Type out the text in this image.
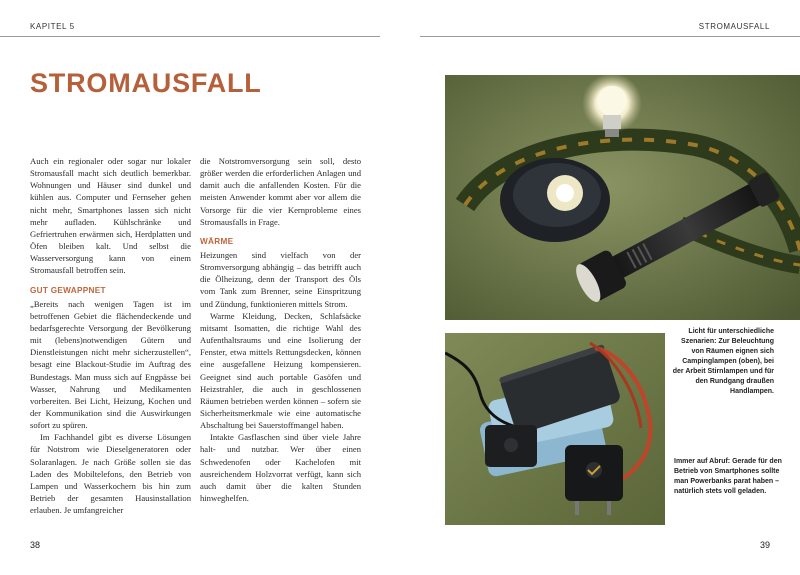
KAPITEL 5	STROMAUSFALL
STROMAUSFALL

Auch ein regionaler oder sogar nur lokaler Stromausfall macht sich deutlich bemerkbar. Wohnungen und Häuser sind dunkel und kühlen aus. Computer und Fernseher gehen nicht mehr, Smartphones lassen sich nicht mehr aufladen. Kühlschränke und Gefriertruhen erwärmen sich, Herdplatten und Öfen bleiben kalt. Und selbst die Wasserversorgung kann von einem Stromausfall betroffen sein.

GUT GEWAPPNET

„Bereits nach wenigen Tagen ist im betroffenen Gebiet die flächendeckende und bedarfsgerechte Versorgung der Bevölkerung mit (lebens)notwendigen Gütern und Dienstleistungen nicht mehr sicherzustellen“, besagt eine Blackout-Studie im Auftrag des Bundestags. Man muss sich auf Engpässe bei Wasser, Nahrung und Medikamenten vorbereiten. Bei Licht, Heizung, Kochen und der Kommunikation sind die Auswirkungen sofort zu spüren.

Im Fachhandel gibt es diverse Lösungen für Notstrom wie Dieselgeneratoren oder Solaranlagen. Je nach Größe sollen sie das Laden des Mobiltelefons, den Betrieb von Lampen und Wasserkochern bis hin zum Betrieb der gesamten Hausinstallation erlauben. Je umfangreicher

die Notstromversorgung sein soll, desto größer werden die erforderlichen Anlagen und damit auch die anfallenden Kosten. Für die meisten Anwender kommt aber vor allem die Vorsorge für die vier Kernprobleme eines Stromausfalls in Frage.

WÄRME

Heizungen sind vielfach von der Stromversorgung abhängig – das betrifft auch die Ölheizung, denn der Transport des Öls vom Tank zum Brenner, seine Einspritzung und Zündung, funktionieren mittels Strom.

Warme Kleidung, Decken, Schlafsäcke mitsamt Isomatten, die richtige Wahl des Aufenthaltsraums und eine Isolierung der Fenster, etwa mittels Rettungsdecken, können eine ausgefallene Heizung kompensieren. Geeignet sind auch portable Gasöfen und Heizstrahler, die auch in geschlossenen Räumen betrieben werden können – sofern sie Sicherheitsmerkmale wie eine automatische Abschaltung bei Sauerstoffmangel haben.

Intakte Gasflaschen sind über viele Jahre halt- und nutzbar. Wer über einen Schwedenofen oder Kachelofen mit ausreichendem Holzvorrat verfügt, kann sich auch damit über die kalten Stunden hinweghelfen.

Licht für unterschiedliche Szenarien: Zur Beleuchtung von Räumen eignen sich Campinglampen (oben), bei der Arbeit Stirnlampen und für den Rundgang draußen Handlampen.
Immer auf Abruf: Gerade für den Betrieb von Smartphones sollte man Powerbanks parat haben – natürlich stets voll geladen.
38	39
